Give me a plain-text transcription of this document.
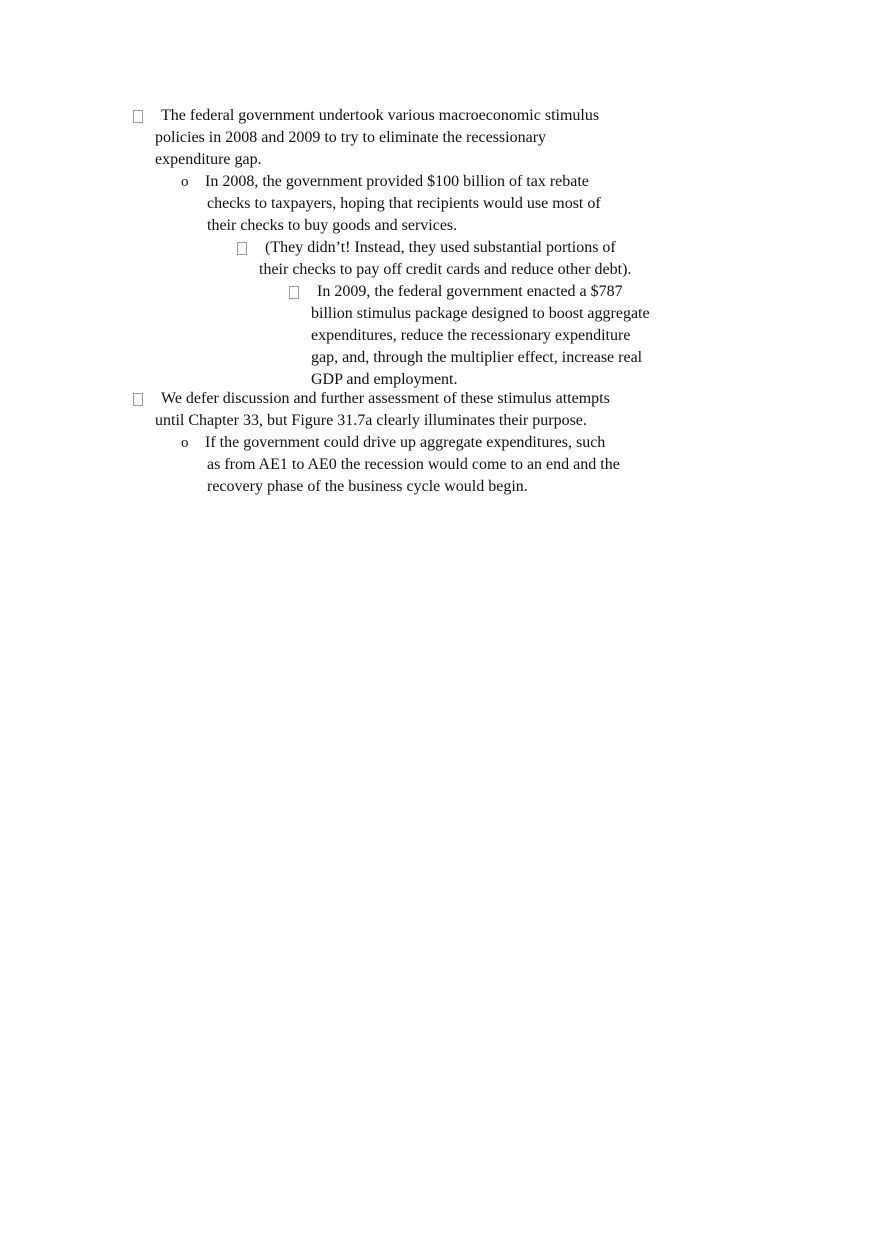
The federal government undertook various macroeconomic stimulus
policies in 2008 and 2009 to try to eliminate the recessionary
expenditure gap.
o	In 2008, the government provided $100 billion of tax rebate
checks to taxpayers, hoping that recipients would use most of
their checks to buy goods and services.
(They didn’t! Instead, they used substantial portions of
their checks to pay off credit cards and reduce other debt).
In 2009, the federal government enacted a $787
billion stimulus package designed to boost aggregate
expenditures, reduce the recessionary expenditure
gap, and, through the multiplier effect, increase real
GDP and employment.
We defer discussion and further assessment of these stimulus attempts
until Chapter 33, but Figure 31.7a clearly illuminates their purpose.
o	If the government could drive up aggregate expenditures, such
as from AE1 to AE0 the recession would come to an end and the
recovery phase of the business cycle would begin.
